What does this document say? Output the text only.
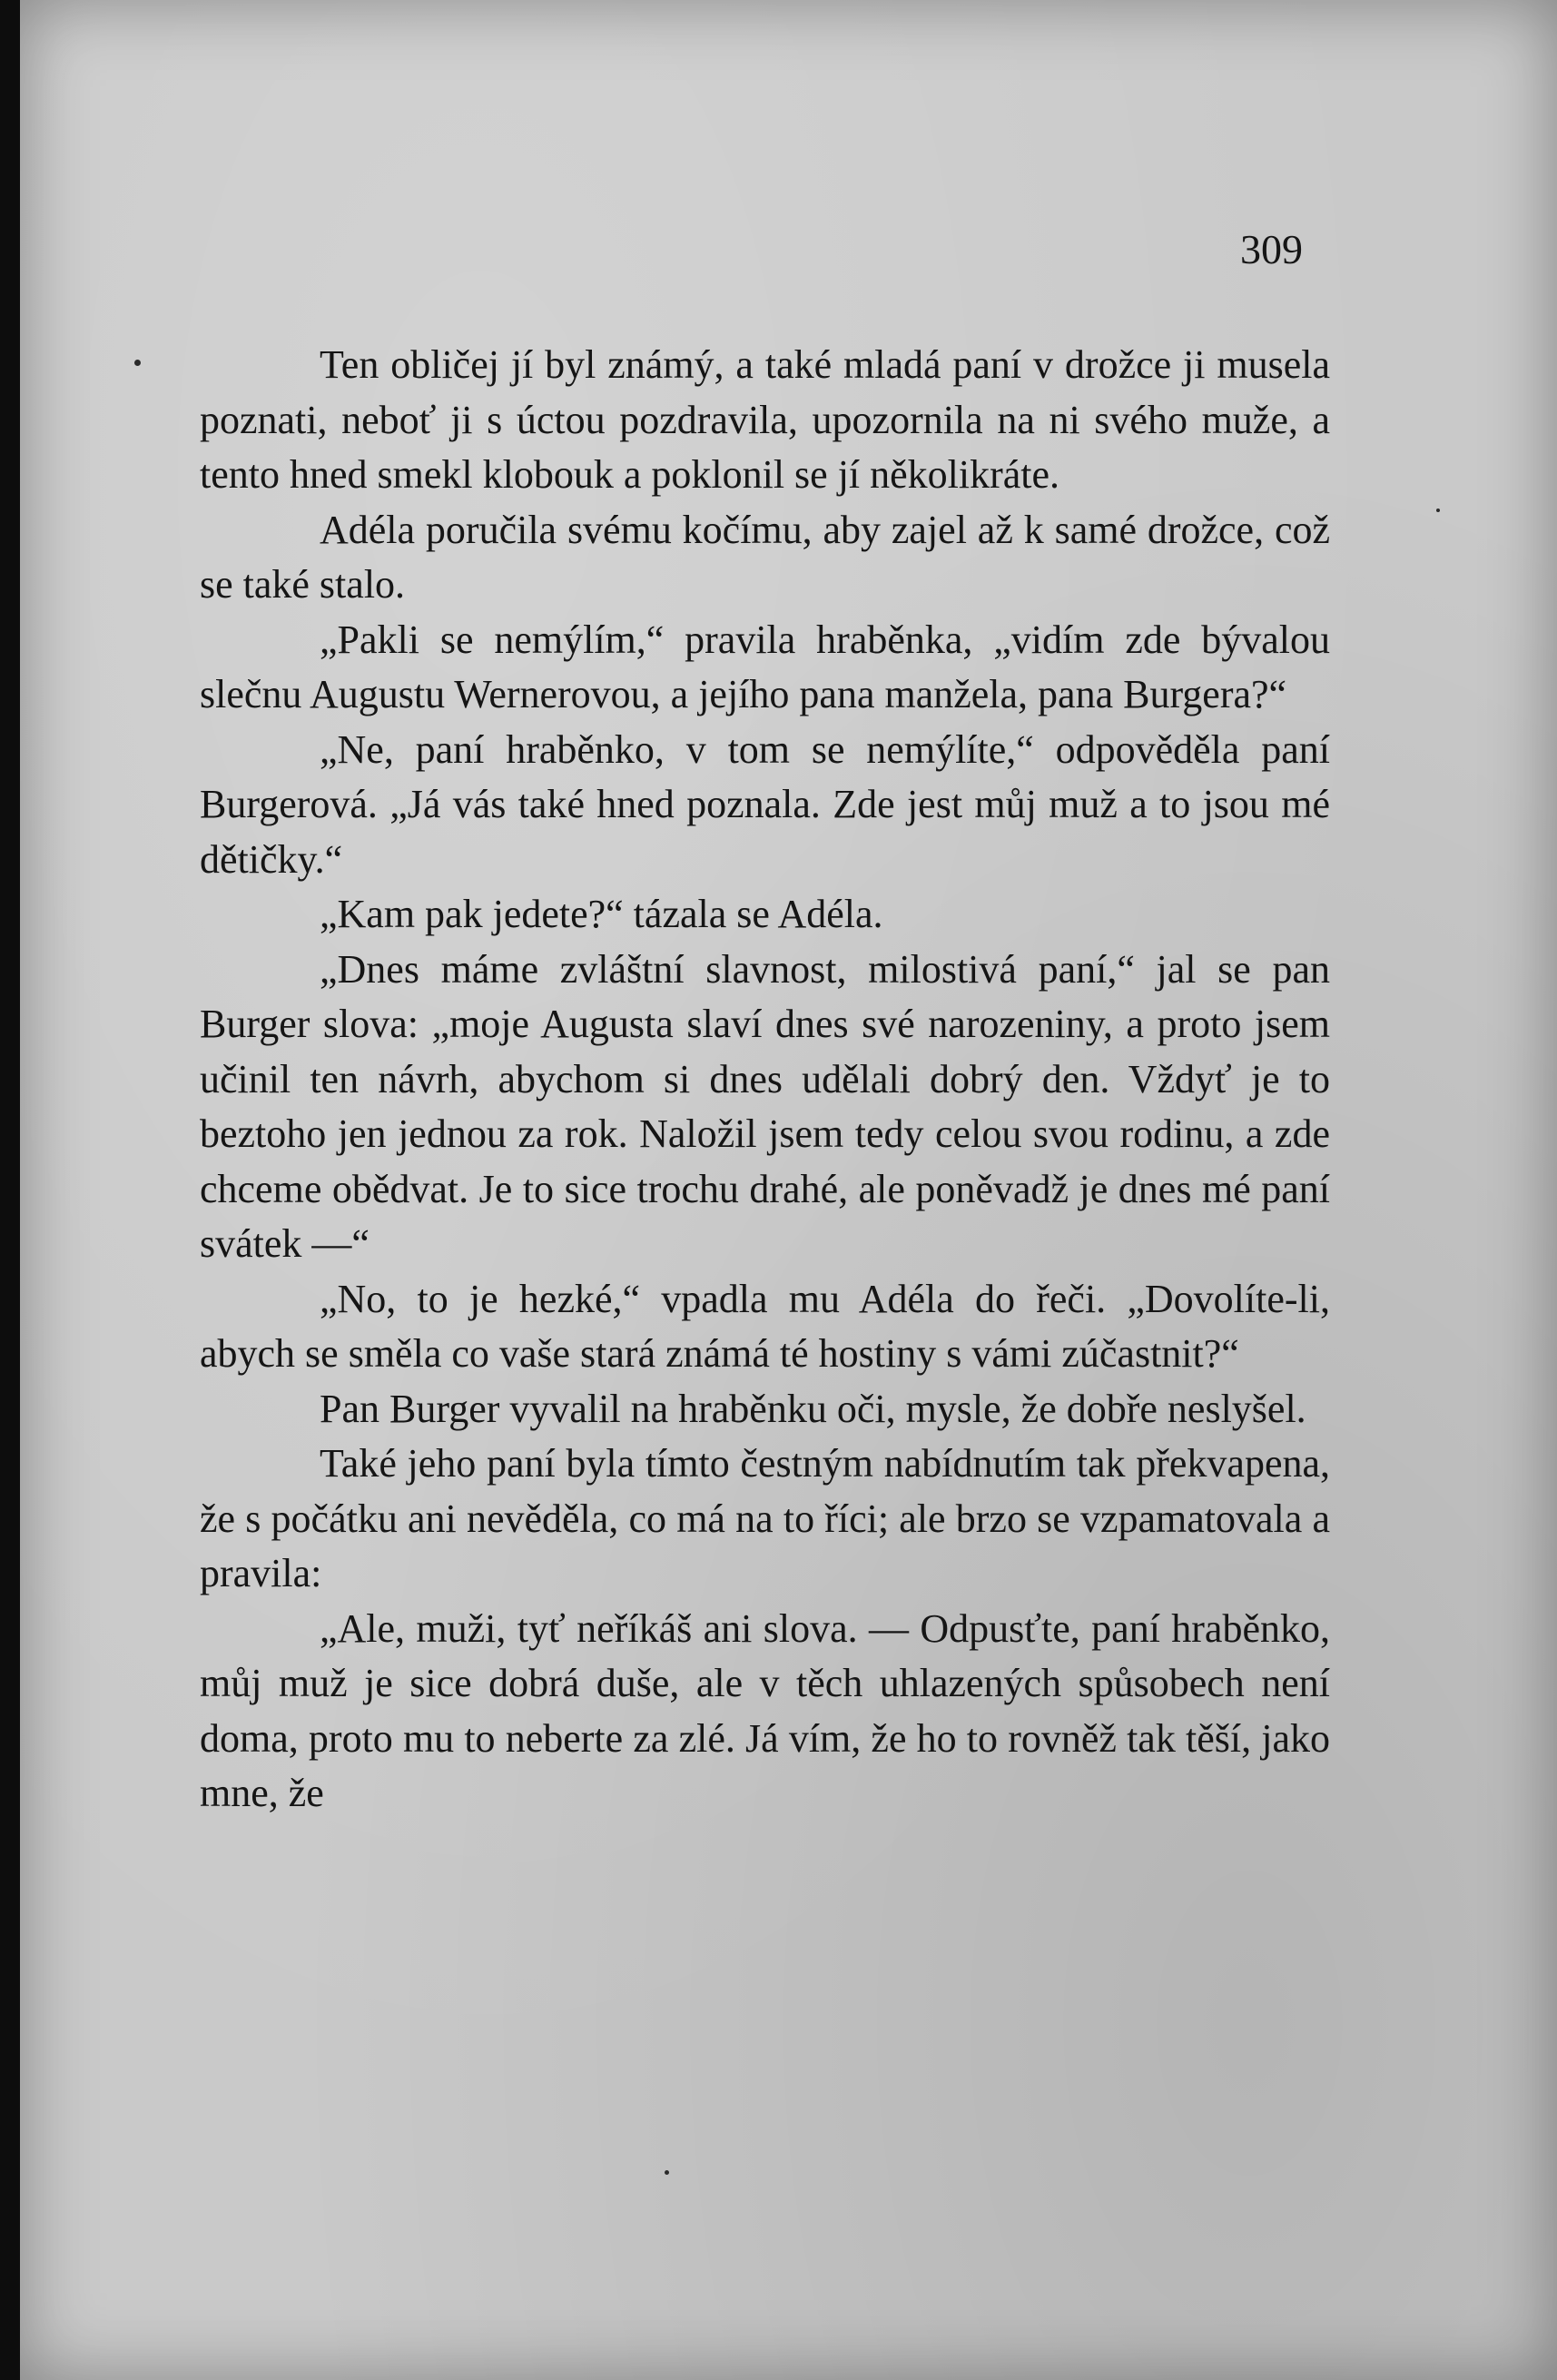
309

Ten obličej jí byl známý, a také mladá paní v drožce ji musela poznati, neboť ji s úctou pozdravila, upozornila na ni svého muže, a tento hned smekl klobouk a poklonil se jí několikráte.

Adéla poručila svému kočímu, aby zajel až k samé drožce, což se také stalo.

„Pakli se nemýlím,“ pravila hraběnka, „vidím zde bývalou slečnu Augustu Wernerovou, a jejího pana manžela, pana Burgera?“

„Ne, paní hraběnko, v tom se nemýlíte,“ odpověděla paní Burgerová. „Já vás také hned poznala. Zde jest můj muž a to jsou mé dětičky.“

„Kam pak jedete?“ tázala se Adéla.

„Dnes máme zvláštní slavnost, milostivá paní,“ jal se pan Burger slova: „moje Augusta slaví dnes své narozeniny, a proto jsem učinil ten návrh, abychom si dnes udělali dobrý den. Vždyť je to beztoho jen jednou za rok. Naložil jsem tedy celou svou rodinu, a zde chceme obědvat. Je to sice trochu drahé, ale poněvadž je dnes mé paní svátek —“

„No, to je hezké,“ vpadla mu Adéla do řeči. „Dovolíte-li, abych se směla co vaše stará známá té hostiny s vámi zúčastnit?“

Pan Burger vyvalil na hraběnku oči, mysle, že dobře neslyšel.

Také jeho paní byla tímto čestným nabídnutím tak překvapena, že s počátku ani nevěděla, co má na to říci; ale brzo se vzpamatovala a pravila:

„Ale, muži, tyť neříkáš ani slova. — Odpusťte, paní hraběnko, můj muž je sice dobrá duše, ale v těch uhlazených spůsobech není doma, proto mu to neberte za zlé. Já vím, že ho to rovněž tak těší, jako mne, že
